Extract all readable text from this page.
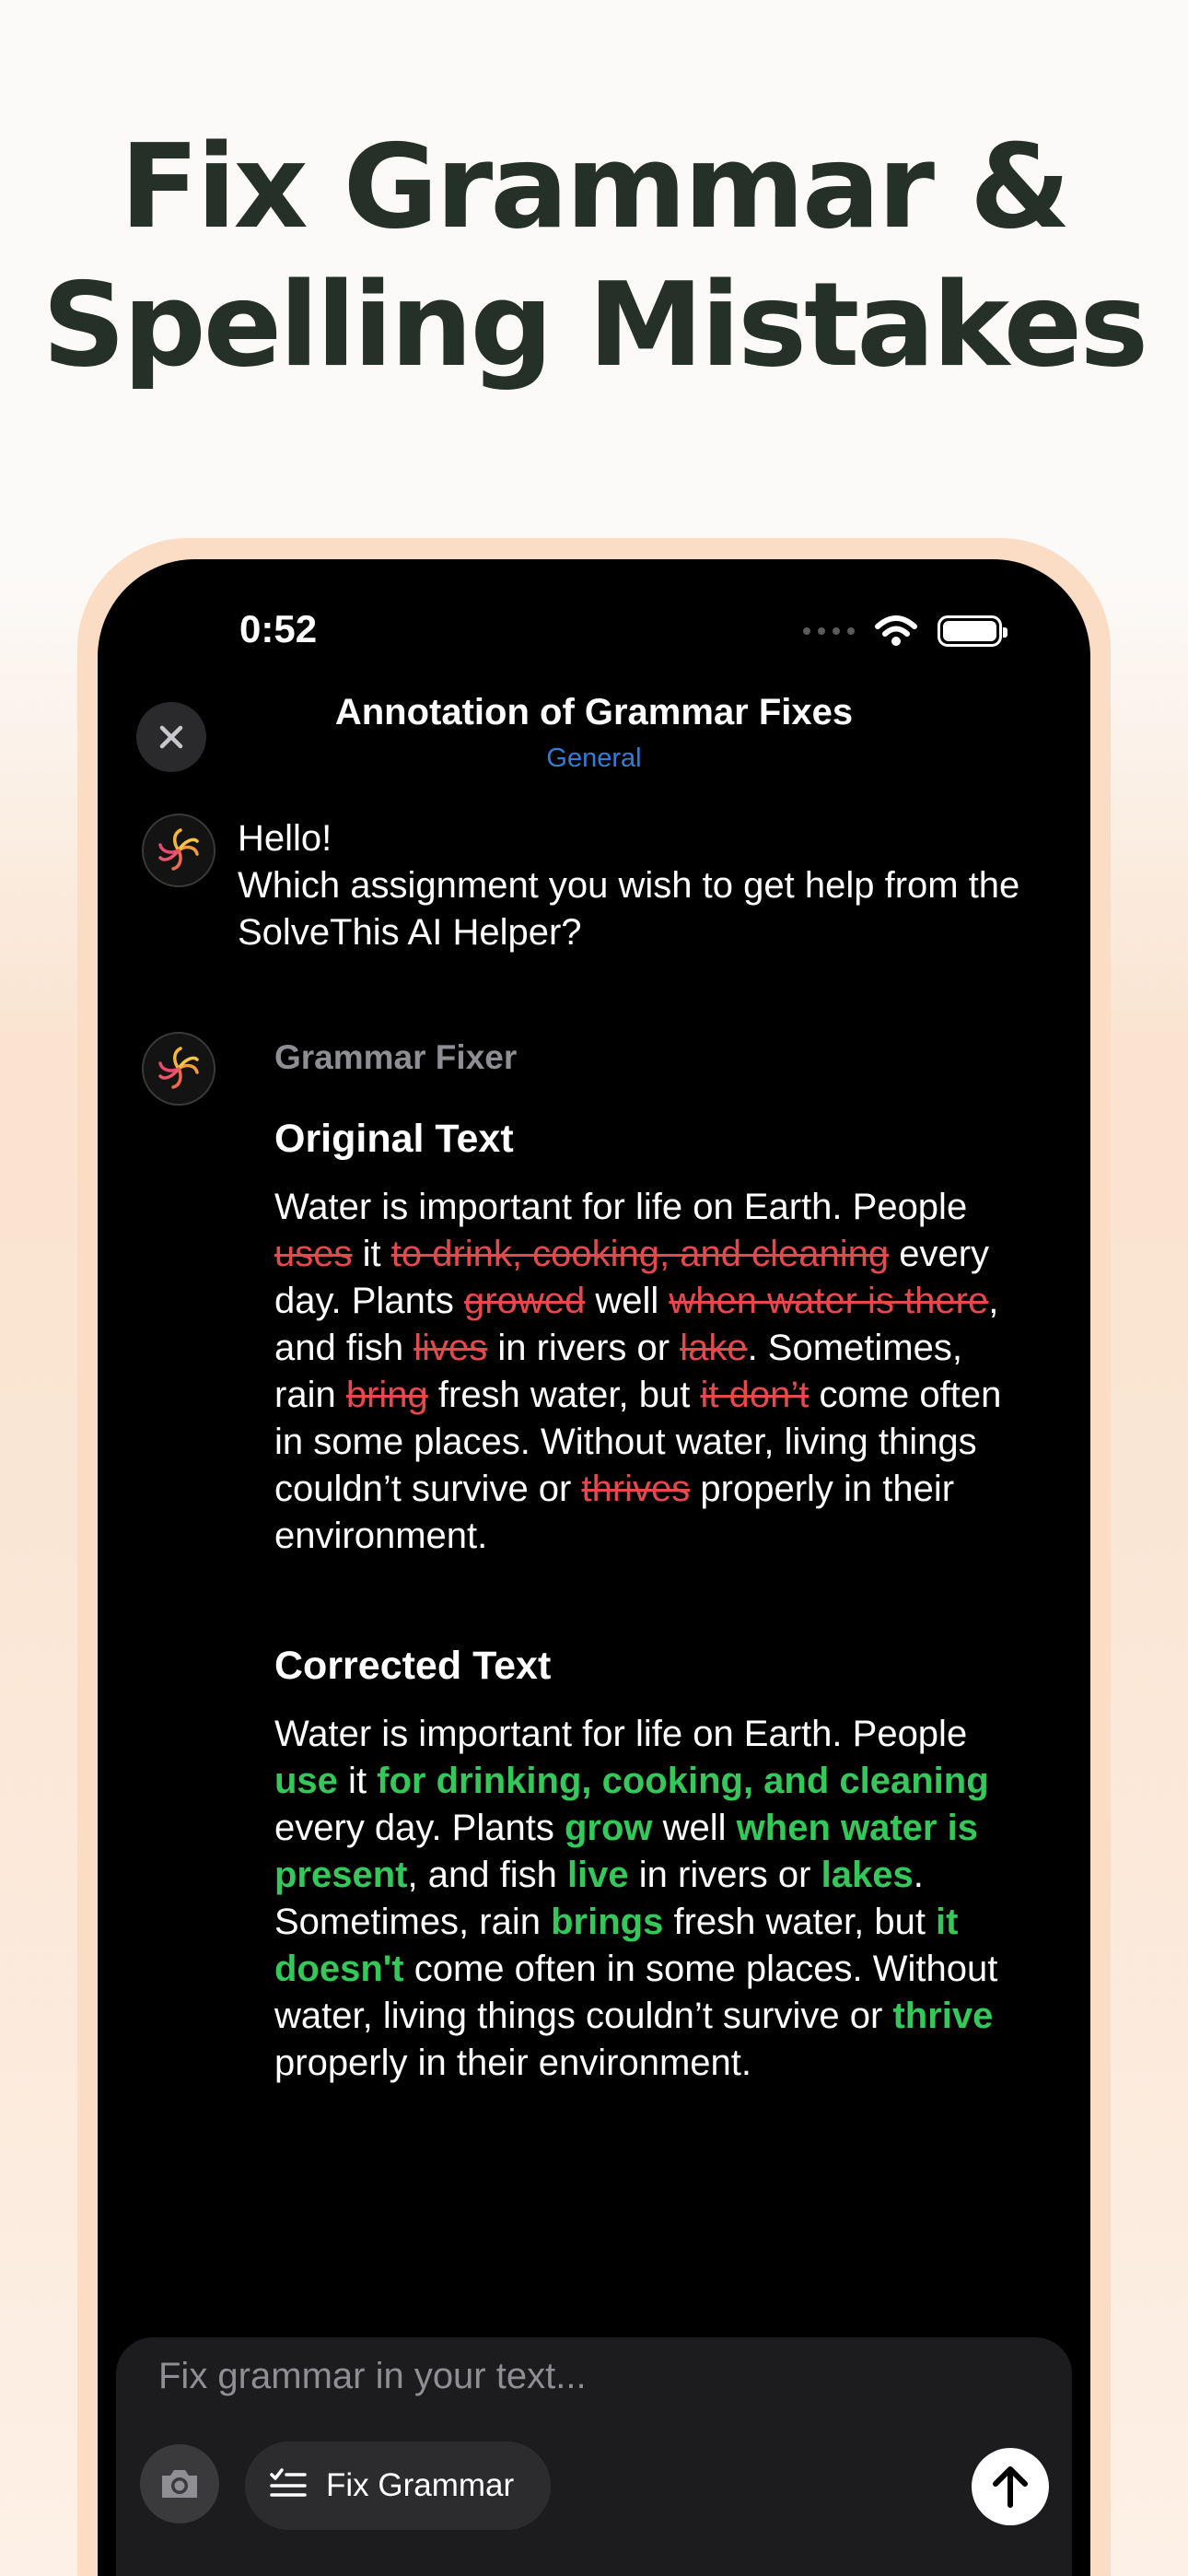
Fix Grammar &
Spelling Mistakes
0:52
Annotation of Grammar Fixes
General
Hello!
Which assignment you wish to get help from the SolveThis AI Helper?
Grammar Fixer
Original Text
Water is important for life on Earth. People uses it to drink, cooking, and cleaning every day. Plants growed well when water is there, and fish lives in rivers or lake. Sometimes, rain bring fresh water, but it don’t come often in some places. Without water, living things couldn’t survive or thrives properly in their environment.
Corrected Text
Water is important for life on Earth. People use it for drinking, cooking, and cleaning every day. Plants grow well when water is present, and fish live in rivers or lakes. Sometimes, rain brings fresh water, but it doesn't come often in some places. Without water, living things couldn’t survive or thrive properly in their environment.
Fix grammar in your text...
Fix Grammar
